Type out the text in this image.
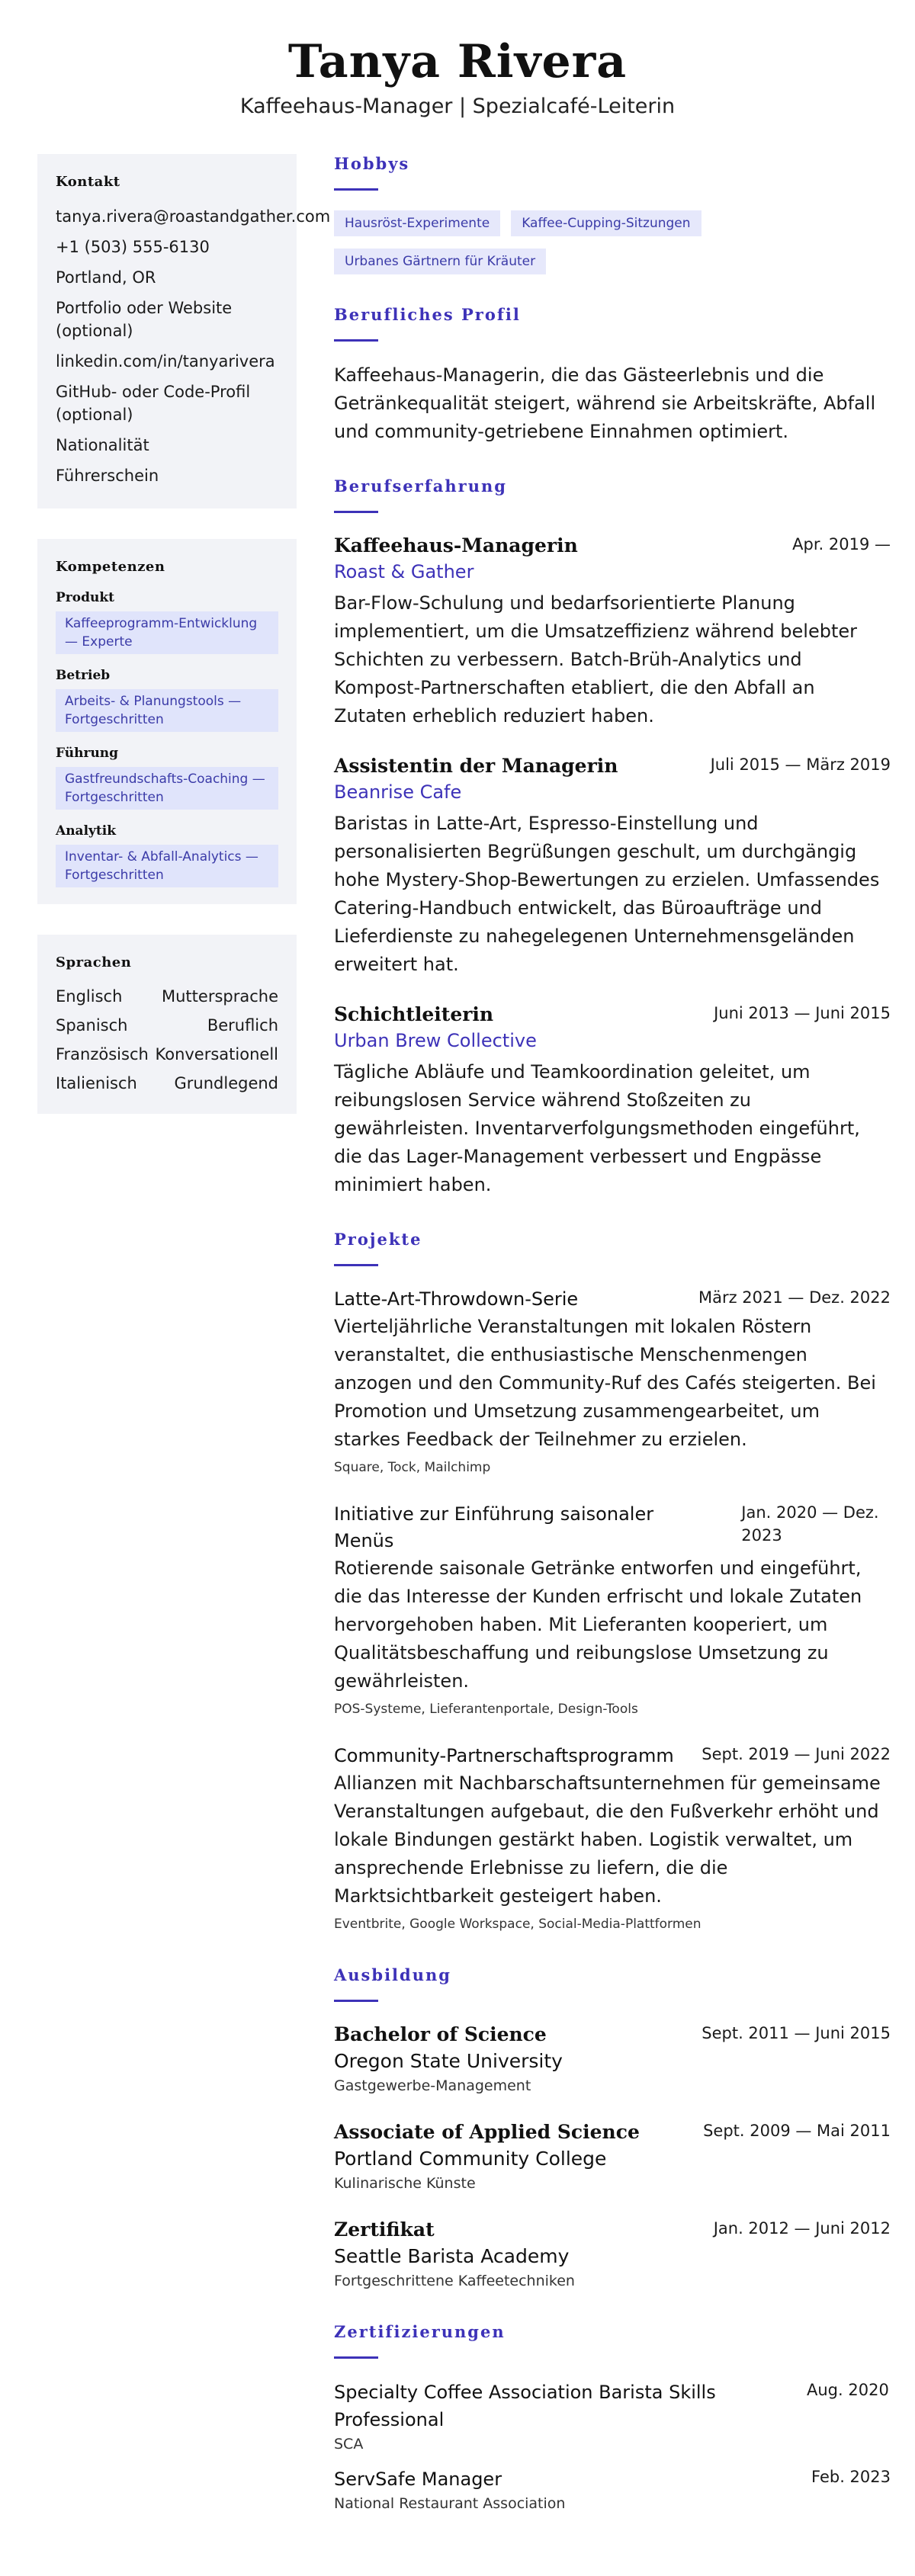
Tanya Rivera
Kaffeehaus-Manager | Spezialcafé-Leiterin
Kontakt
tanya.rivera@roastandgather.com
+1 (503) 555-6130
Portland, OR
Portfolio oder Website (optional)
linkedin.com/in/tanyarivera
GitHub- oder Code-Profil (optional)
Nationalität
Führerschein
Kompetenzen
Produkt
Kaffeeprogramm-Entwicklung — Experte
Betrieb
Arbeits- & Planungstools — Fortgeschritten
Führung
Gastfreundschafts-Coaching — Fortgeschritten
Analytik
Inventar- & Abfall-Analytics — Fortgeschritten
Sprachen
Englisch Muttersprache
Spanisch	Beruflich
Französisch Konversationell
Italienisch Grundlegend
Hobbys
Hausröst-Experimente	Kaffee-Cupping-Sitzungen
Urbanes Gärtnern für Kräuter
Berufliches Profil
Kaffeehaus-Managerin, die das Gästeerlebnis und die Getränkequalität steigert, während sie Arbeitskräfte, Abfall und community-getriebene Einnahmen optimiert.
Berufserfahrung
Kaffeehaus-Managerin	Apr. 2019 —
Roast & Gather
Bar-Flow-Schulung und bedarfsorientierte Planung implementiert, um die Umsatzeffizienz während belebter Schichten zu verbessern. Batch-Brüh-Analytics und Kompost-Partnerschaften etabliert, die den Abfall an Zutaten erheblich reduziert haben.
Assistentin der Managerin	Juli 2015 — März 2019
Beanrise Cafe
Baristas in Latte-Art, Espresso-Einstellung und personalisierten Begrüßungen geschult, um durchgängig hohe Mystery-Shop-Bewertungen zu erzielen. Umfassendes Catering-Handbuch entwickelt, das Büroaufträge und Lieferdienste zu nahegelegenen Unternehmensgeländen erweitert hat.
Schichtleiterin	Juni 2013 — Juni 2015
Urban Brew Collective
Tägliche Abläufe und Teamkoordination geleitet, um reibungslosen Service während Stoßzeiten zu gewährleisten. Inventarverfolgungsmethoden eingeführt, die das Lager-Management verbessert und Engpässe minimiert haben.
Projekte
Latte-Art-Throwdown-Serie	März 2021 — Dez. 2022
Vierteljährliche Veranstaltungen mit lokalen Röstern veranstaltet, die enthusiastische Menschenmengen anzogen und den Community-Ruf des Cafés steigerten. Bei Promotion und Umsetzung zusammengearbeitet, um starkes Feedback der Teilnehmer zu erzielen.
Square, Tock, Mailchimp
Initiative zur Einführung saisonaler Menüs
Jan. 2020 — Dez. 2023
Rotierende saisonale Getränke entworfen und eingeführt, die das Interesse der Kunden erfrischt und lokale Zutaten hervorgehoben haben. Mit Lieferanten kooperiert, um Qualitätsbeschaffung und reibungslose Umsetzung zu gewährleisten.
POS-Systeme, Lieferantenportale, Design-Tools
Community-Partnerschaftsprogramm Sept. 2019 — Juni 2022
Allianzen mit Nachbarschaftsunternehmen für gemeinsame Veranstaltungen aufgebaut, die den Fußverkehr erhöht und lokale Bindungen gestärkt haben. Logistik verwaltet, um ansprechende Erlebnisse zu liefern, die die Marktsichtbarkeit gesteigert haben.
Eventbrite, Google Workspace, Social-Media-Plattformen
Ausbildung
Bachelor of Science	Sept. 2011 — Juni 2015
Oregon State University
Gastgewerbe-Management
Associate of Applied Science	Sept. 2009 — Mai 2011
Portland Community College
Kulinarische Künste
Zertifikat	Jan. 2012 — Juni 2012
Seattle Barista Academy
Fortgeschrittene Kaffeetechniken
Zertifizierungen
Specialty Coffee Association Barista Skills Professional
Aug. 2020
SCA
ServSafe Manager	Feb. 2023
National Restaurant Association
